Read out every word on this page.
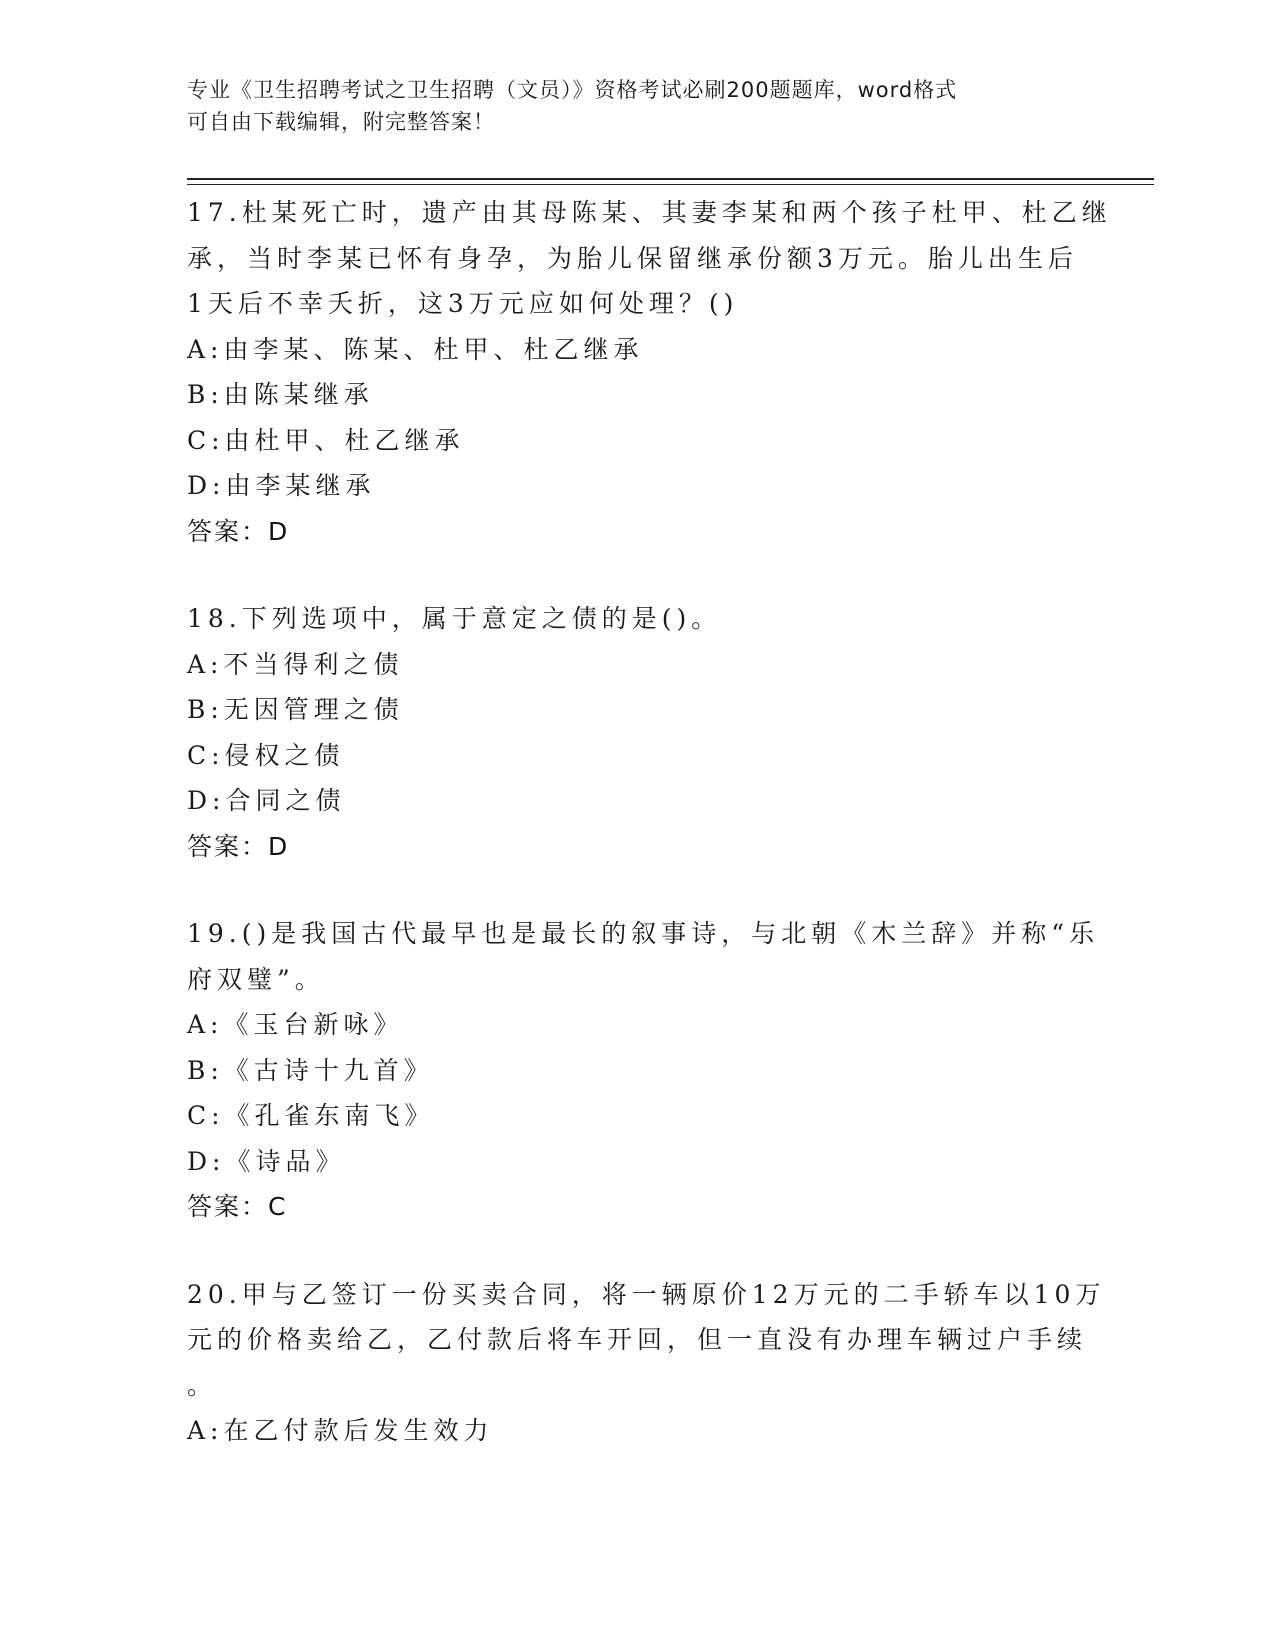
专业《卫生招聘考试之卫生招聘（文员）》资格考试必刷200题题库，word格式
可自由下载编辑，附完整答案！
17.杜某死亡时，遗产由其母陈某、其妻李某和两个孩子杜甲、杜乙继
承，当时李某已怀有身孕，为胎儿保留继承份额3万元。胎儿出生后
1天后不幸夭折，这3万元应如何处理？()
A:由李某、陈某、杜甲、杜乙继承
B:由陈某继承
C:由杜甲、杜乙继承
D:由李某继承
答案：D
18.下列选项中，属于意定之债的是()。
A:不当得利之债
B:无因管理之债
C:侵权之债
D:合同之债
答案：D
19.()是我国古代最早也是最长的叙事诗，与北朝《木兰辞》并称“乐
府双璧”。
A:《玉台新咏》
B:《古诗十九首》
C:《孔雀东南飞》
D:《诗品》
答案：C
20.甲与乙签订一份买卖合同，将一辆原价12万元的二手轿车以10万
元的价格卖给乙，乙付款后将车开回，但一直没有办理车辆过户手续
。
A:在乙付款后发生效力
